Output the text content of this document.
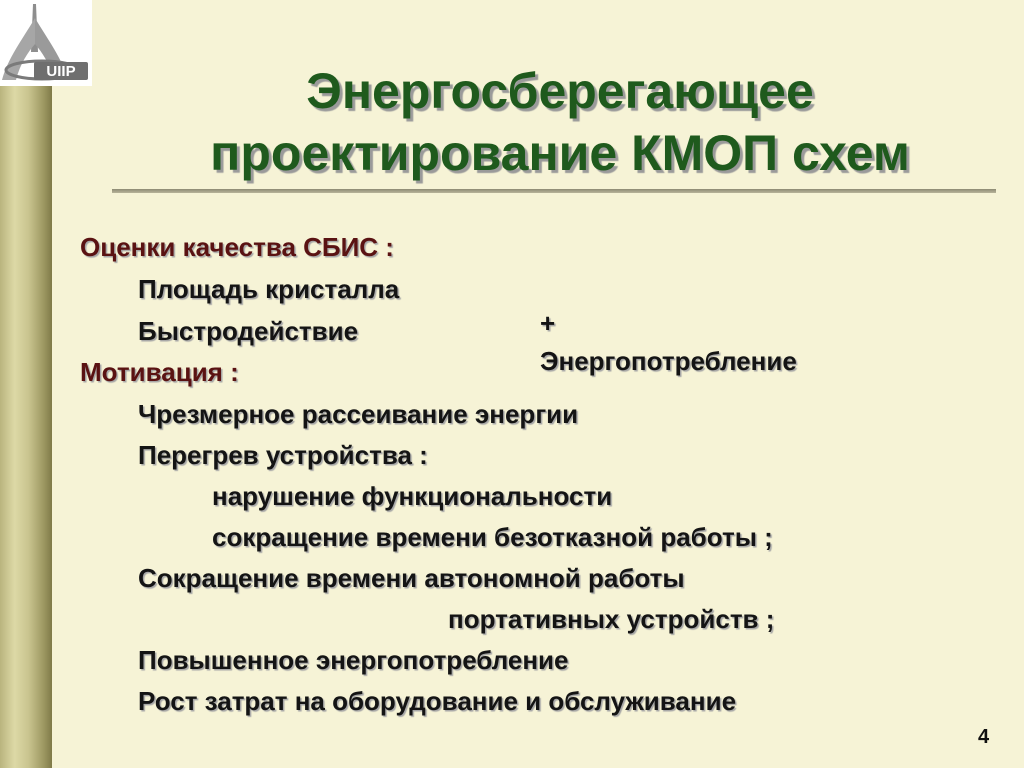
UIIP	Энергосберегающее
проектирование КМОП схем
Оценки качества СБИС :
Площадь кристалла
Быстродействие	+
Энергопотребление
Мотивация :
Чрезмерное рассеивание энергии
Перегрев устройства :
нарушение функциональности
сокращение времени безотказной работы ;
Сокращение времени автономной работы
портативных устройств ;
Повышенное энергопотребление
Рост затрат на оборудование и обслуживание
4
